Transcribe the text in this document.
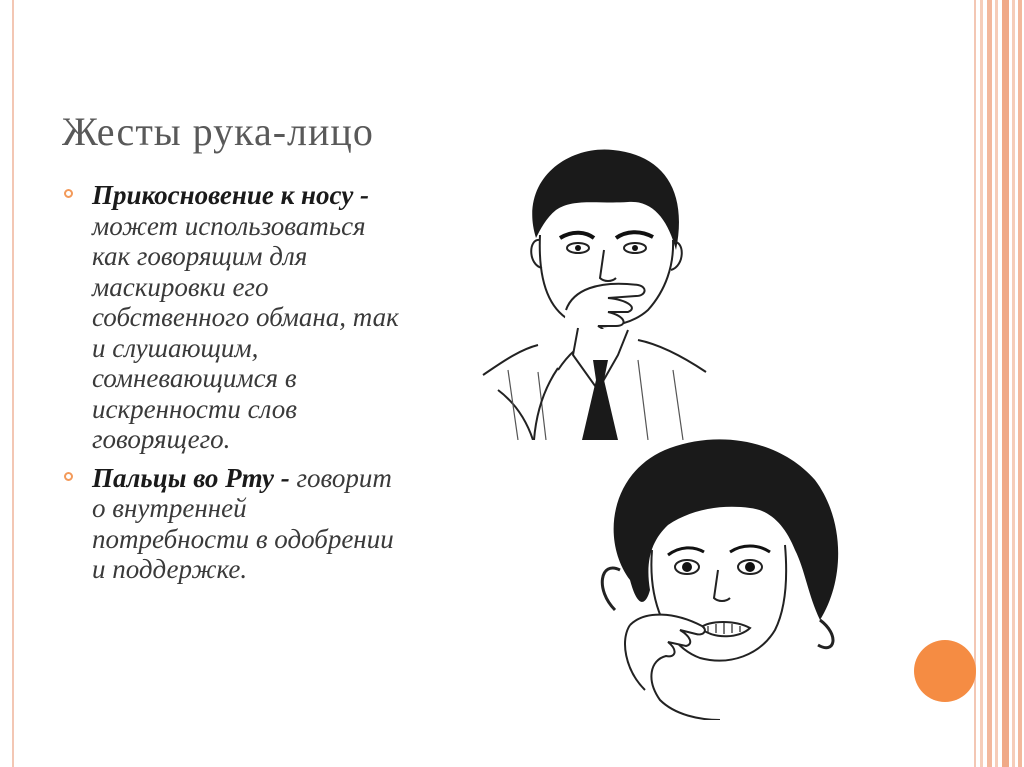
Жесты рука-лицо
Прикосновение к носу - может использоваться как говорящим для маскировки его собственного обмана, так и слушающим, сомневающимся в искренности слов говорящего.
Пальцы во Рту - говорит о внутренней потребности в одобрении и поддержке.
